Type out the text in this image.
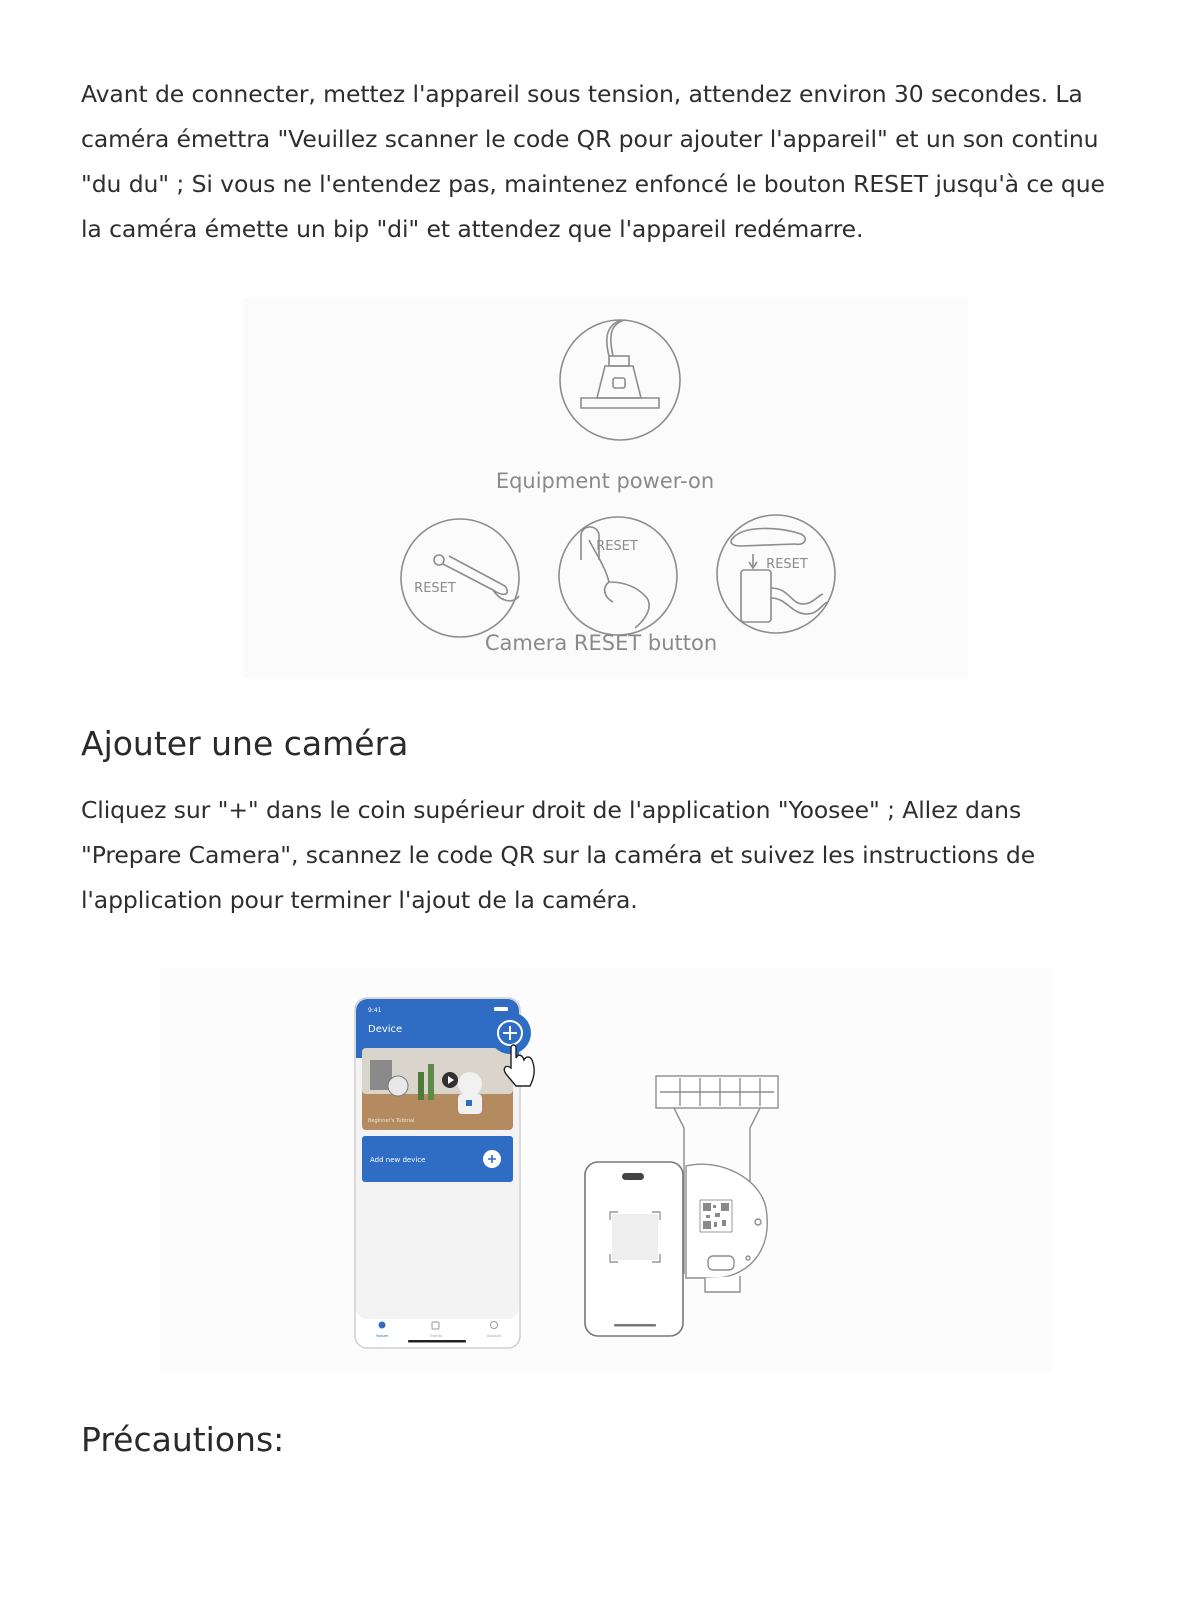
Avant de connecter, mettez l'appareil sous tension, attendez environ 30 secondes. La caméra émettra "Veuillez scanner le code QR pour ajouter l'appareil" et un son continu "du du" ; Si vous ne l'entendez pas, maintenez enfoncé le bouton RESET jusqu'à ce que la caméra émette un bip "di" et attendez que l'appareil redémarre.

Equipment power-on
RESET
RESET
RESET
Camera RESET button
Ajouter une caméra

Cliquez sur "+" dans le coin supérieur droit de l'application "Yoosee" ; Allez dans "Prepare Camera", scannez le code QR sur la caméra et suivez les instructions de l'application pour terminer l'ajout de la caméra.

9:41
Device
Beginner's Tutorial
Add new device
Yoosee	Events	Account
Précautions:
